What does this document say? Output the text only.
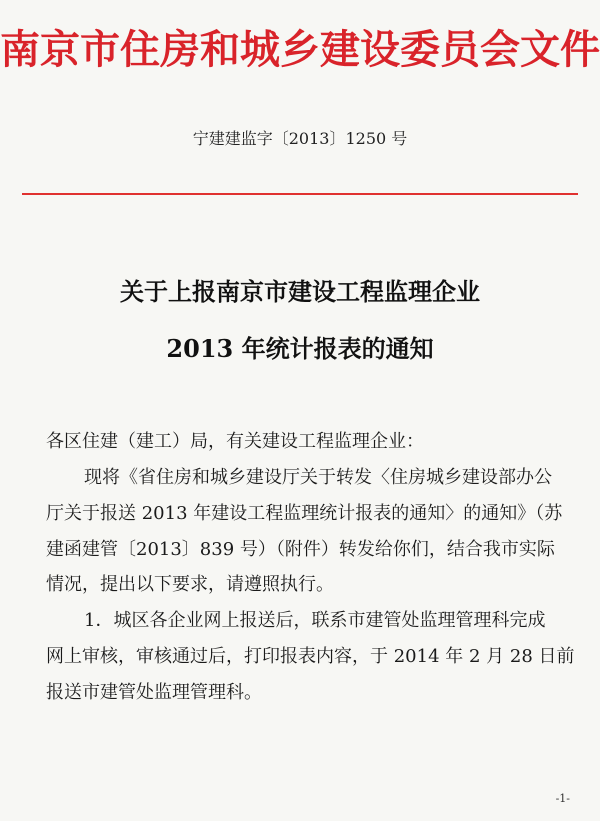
南京市住房和城乡建设委员会文件
宁建建监字〔2013〕1250 号
关于上报南京市建设工程监理企业
2013 年统计报表的通知
各区住建（建工）局，有关建设工程监理企业：
现将《省住房和城乡建设厅关于转发〈住房城乡建设部办公
厅关于报送 2013 年建设工程监理统计报表的通知〉的通知》（苏
建函建管〔2013〕839 号）（附件）转发给你们，结合我市实际
情况，提出以下要求，请遵照执行。
1．城区各企业网上报送后，联系市建管处监理管理科完成
网上审核，审核通过后，打印报表内容，于 2014 年 2 月 28 日前
报送市建管处监理管理科。
-1-
